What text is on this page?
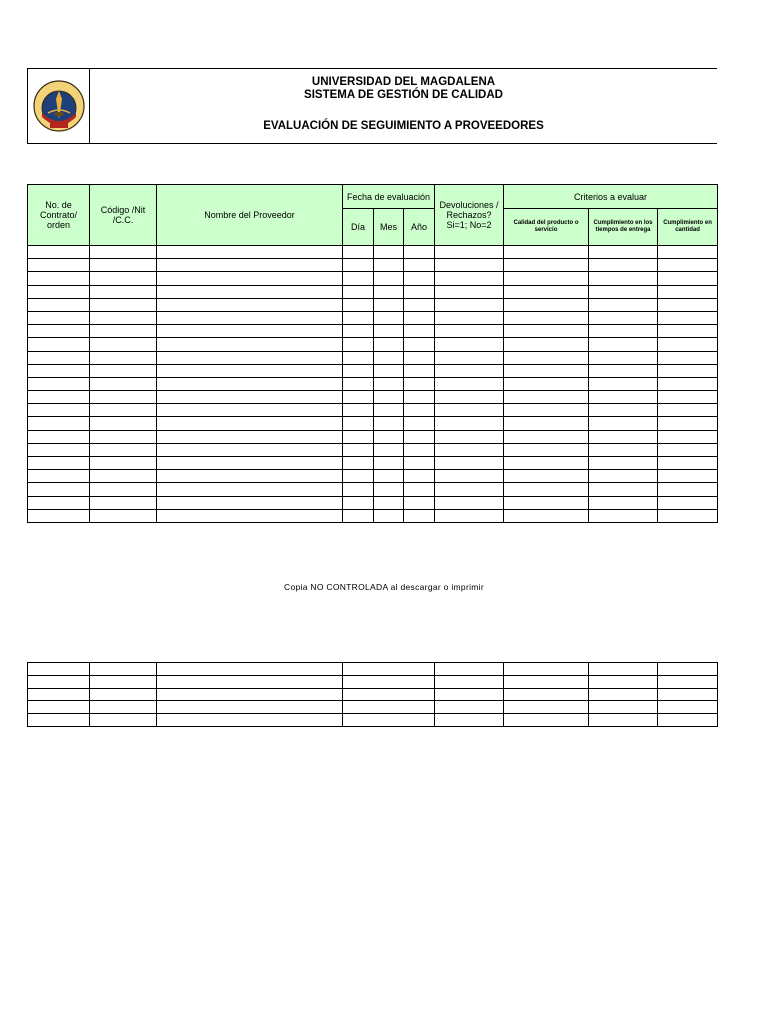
UNIVERSIDAD DEL MAGDALENA
SISTEMA DE GESTIÓN DE CALIDAD
EVALUACIÓN DE SEGUIMIENTO A PROVEEDORES
No. de Contrato/ orden	Código /Nit /C.C.	Nombre del Proveedor	Fecha de evaluación			Devoluciones / Rechazos? Si=1; No=2	Criterios a evaluar		
			Día	Mes	Año		Calidad del producto o servicio	Cumplimiento en los tiempos de entrega	Cumplimiento en cantidad

Copia NO CONTROLADA al descargar o imprimir
